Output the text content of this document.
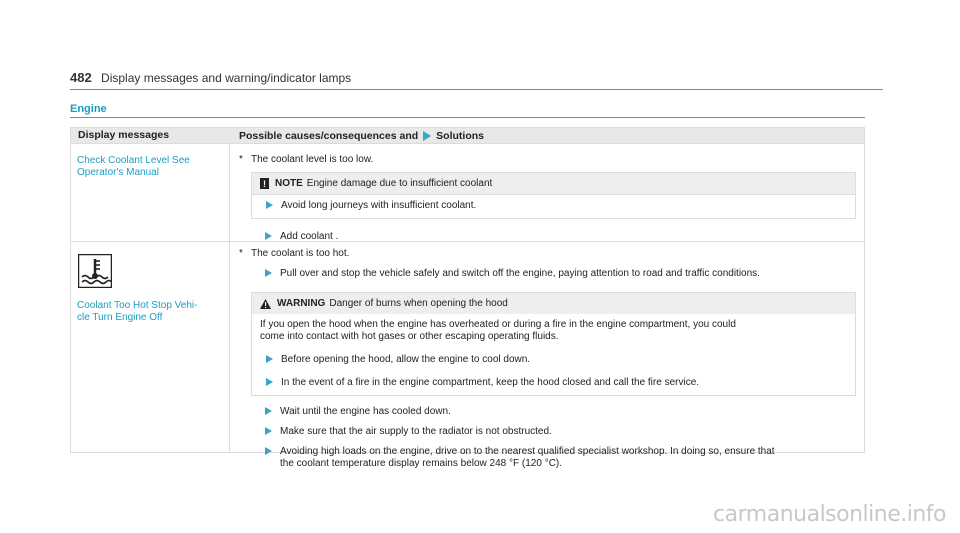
482 Display messages and warning/indicator lamps
Engine
Display messages	Possible causes/consequences and Solutions
Check Coolant Level See
Operator's Manual
* The coolant level is too low.
! NOTE Engine damage due to insufficient coolant
Avoid long journeys with insufficient coolant.
Add coolant .
Coolant Too Hot Stop Vehi-
cle Turn Engine Off
* The coolant is too hot.
Pull over and stop the vehicle safely and switch off the engine, paying attention to road and traffic conditions.
WARNING Danger of burns when opening the hood
If you open the hood when the engine has overheated or during a fire in the engine compartment, you could
come into contact with hot gases or other escaping operating fluids.
Before opening the hood, allow the engine to cool down.
In the event of a fire in the engine compartment, keep the hood closed and call the fire service.
Wait until the engine has cooled down.
Make sure that the air supply to the radiator is not obstructed.
Avoiding high loads on the engine, drive on to the nearest qualified specialist workshop. In doing so, ensure that
the coolant temperature display remains below 248 °F (120 °C).
carmanualsonline.info
